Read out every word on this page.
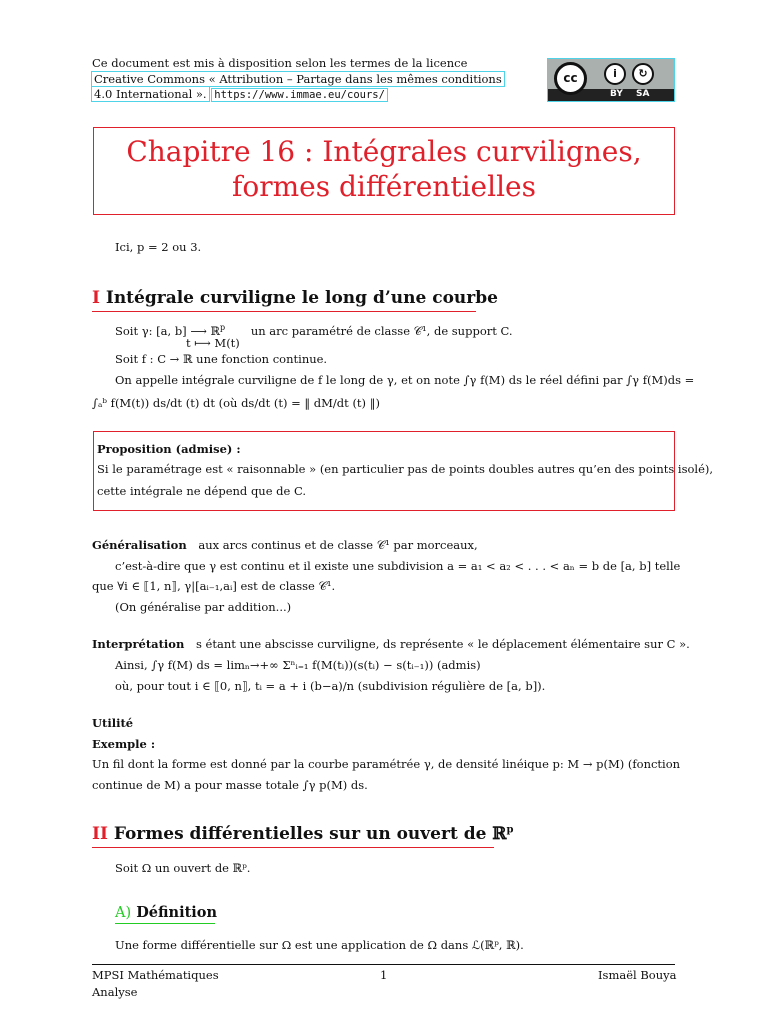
Ce document est mis à disposition selon les termes de la licence
Creative Commons « Attribution – Partage dans les mêmes conditions
4.0 International ». https://www.immae.eu/cours/
cc	i	↻
BY SA
Chapitre 16 : Intégrales curvilignes,
formes différentielles
Ici, p = 2 ou 3.
I Intégrale curviligne le long d’une courbe
Soit γ: [a, b] ⟶ ℝ$^p$ un arc paramétré de classe 𝒞¹, de support C.
t ⟼ M(t)
Soit f : C → ℝ une fonction continue.
On appelle intégrale curviligne de f le long de γ, et on note ∫γ f(M) ds le réel défini par ∫γ f(M)ds =
∫ₐᵇ f(M(t)) ds/dt (t) dt (où ds/dt (t) = ‖ dM/dt (t) ‖)
Proposition (admise) :
Si le paramétrage est « raisonnable » (en particulier pas de points doubles autres qu’en des points isolé),
cette intégrale ne dépend que de C.
Généralisation aux arcs continus et de classe 𝒞¹ par morceaux,
c’est-à-dire que γ est continu et il existe une subdivision a = a₁ < a₂ < . . . < aₙ = b de [a, b] telle
que ∀i ∈ ⟦1, n⟧, γ|[aᵢ₋₁,aᵢ] est de classe 𝒞¹.
(On généralise par addition...)
Interprétation s étant une abscisse curviligne, ds représente « le déplacement élémentaire sur C ».
Ainsi, ∫γ f(M) ds = limₙ→+∞ Σⁿᵢ₌₁ f(M(tᵢ))(s(tᵢ) − s(tᵢ₋₁)) (admis)
où, pour tout i ∈ ⟦0, n⟧, tᵢ = a + i (b−a)/n (subdivision régulière de [a, b]).
Utilité
Exemple :
Un fil dont la forme est donné par la courbe paramétrée γ, de densité linéique p: M → p(M) (fonction
continue de M) a pour masse totale ∫γ p(M) ds.
II Formes différentielles sur un ouvert de ℝ$^p$
Soit Ω un ouvert de ℝᵖ.
A) Définition
Une forme différentielle sur Ω est une application de Ω dans ℒ(ℝᵖ, ℝ).
MPSI Mathématiques
Analyse
1	Ismaël Bouya
